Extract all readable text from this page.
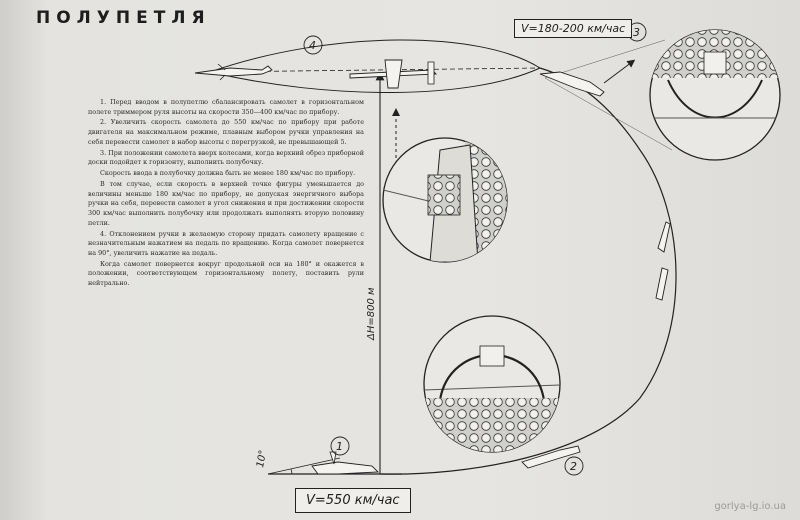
ПОЛУПЕТЛЯ

1. Перед вводом в полупетлю сбалансировать самолет в горизонтальном полете триммером руля высоты на скорости 350—400 км/час по прибору.

2. Увеличить скорость самолета до 550 км/час по прибору при работе двигателя на максимальном режиме, плавным выбором ручки управления на себя перевести самолет в набор высоты с перегрузкой, не превышающей 5.

3. При положении самолета вверх колесами, когда верхний обрез приборной доски подойдет к горизонту, выполнить полубочку.

Скорость ввода в полубочку должна быть не менее 180 км/час по прибору.

В том случае, если скорость в верхней точке фигуры уменьшается до величины меньше 180 км/час по прибору, не допуская энергичного выбора ручки на себя, перевести самолет в угол снижения и при достижении скорости 300 км/час выполнить полубочку или продолжать выполнять вторую половину петли.

4. Отклонением ручки в желаемую сторону придать самолету вращение с незначительным нажатием на педаль по вращению. Когда самолет повернется на 90°, увеличить нажатие на педаль.

Когда самолет повернется вокруг продольной оси на 180° и окажется в положении, соответствующем горизонтальному полету, поставить рули нейтрально.

1
2
3
4
ΔH=800 м
10°
V=180-200 км/час
V=550 км/час	gorlya-lg.io.ua
